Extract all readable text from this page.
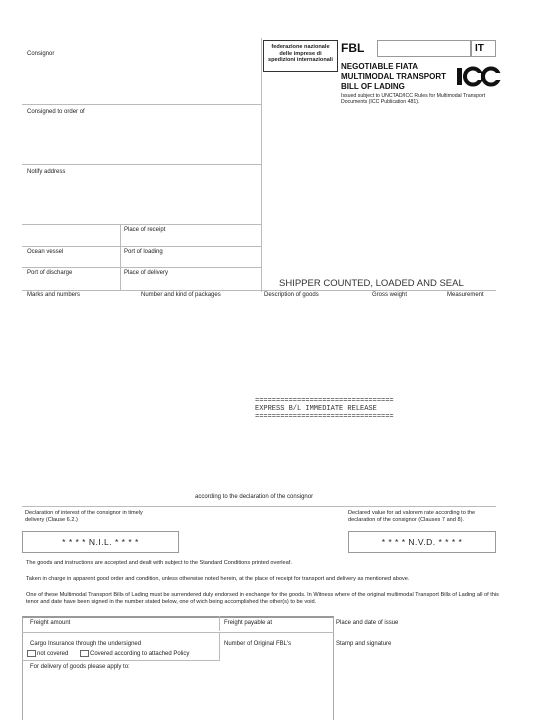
Consignor
federazione nazionale delle imprese di spedizioni internazionali
FBL	IT
NEGOTIABLE FIATA
MULTIMODAL TRANSPORT
BILL OF LADING
Issued subject to UNCTAD/ICC Rules for Multimodal Transport Documents (ICC Publication 481).
Consigned to order of
Notify address
Place of receipt
Ocean vessel	Port of loading
Port of discharge	Place of delivery
SHIPPER COUNTED, LOADED AND SEAL
Marks and numbers	Number and kind of packages	Description of goods	Gross weight	Measurement
=================================
EXPRESS B/L IMMEDIATE RELEASE
=================================
according to the declaration of the consignor
Declaration of interest of the consignor in timely delivery (Clause 6.2.)
* * * * N.I.L. * * * *
Declared value for ad valorem rate according to the declaration of the consignor (Clauses 7 and 8).
* * * * N.V.D. * * * *
The goods and instructions are accepted and dealt with subject to the Standard Conditions printed overleaf.
Taken in charge in apparent good order and condition, unless otherwise noted herein, at the place of receipt for transport and delivery as mentioned above.
One of these Multimodal Transport Bills of Lading must be surrendered duly endorsed in exchange for the goods. In Witness where of the original multimodal Transport Bills of Lading all of this tenor and date have been signed in the number stated below, one of wich being accomplished the other(s) to be void.
Freight amount	Freight payable at	Place and date of issue
Cargo Insurance through the undersigned
not covered	Covered according to attached Policy
Number of Original FBL's	Stamp and signature
For delivery of goods please apply to:
